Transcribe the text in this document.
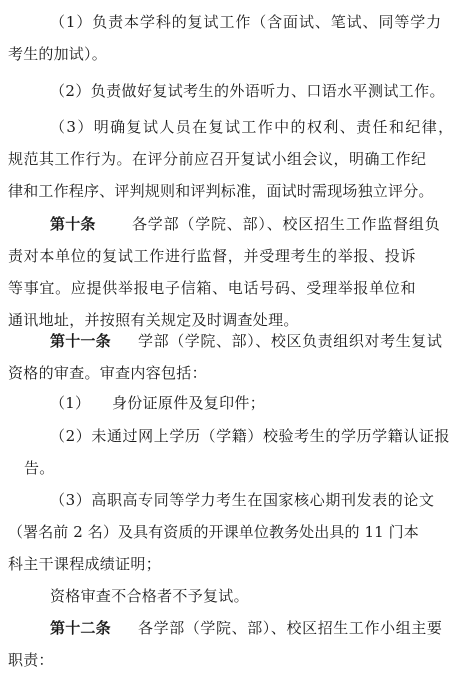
（1）负责本学科的复试工作（含面试、笔试、同等学力
考生的加试）。
（2）负责做好复试考生的外语听力、口语水平测试工作。
（3）明确复试人员在复试工作中的权利、责任和纪律，
规范其工作行为。在评分前应召开复试小组会议，明确工作纪
律和工作程序、评判规则和评判标准，面试时需现场独立评分。
第十条 各学部（学院、部）、校区招生工作监督组负
责对本单位的复试工作进行监督，并受理考生的举报、投诉
等事宜。应提供举报电子信箱、电话号码、受理举报单位和
通讯地址，并按照有关规定及时调查处理。
第十一条 学部（学院、部）、校区负责组织对考生复试
资格的审查。审查内容包括：
（1） 身份证原件及复印件；
（2）未通过网上学历（学籍）校验考生的学历学籍认证报
告。
（3）高职高专同等学力考生在国家核心期刊发表的论文
（署名前 2 名）及具有资质的开课单位教务处出具的 11 门本
科主干课程成绩证明；
资格审查不合格者不予复试。
第十二条 各学部（学院、部）、校区招生工作小组主要
职责：
